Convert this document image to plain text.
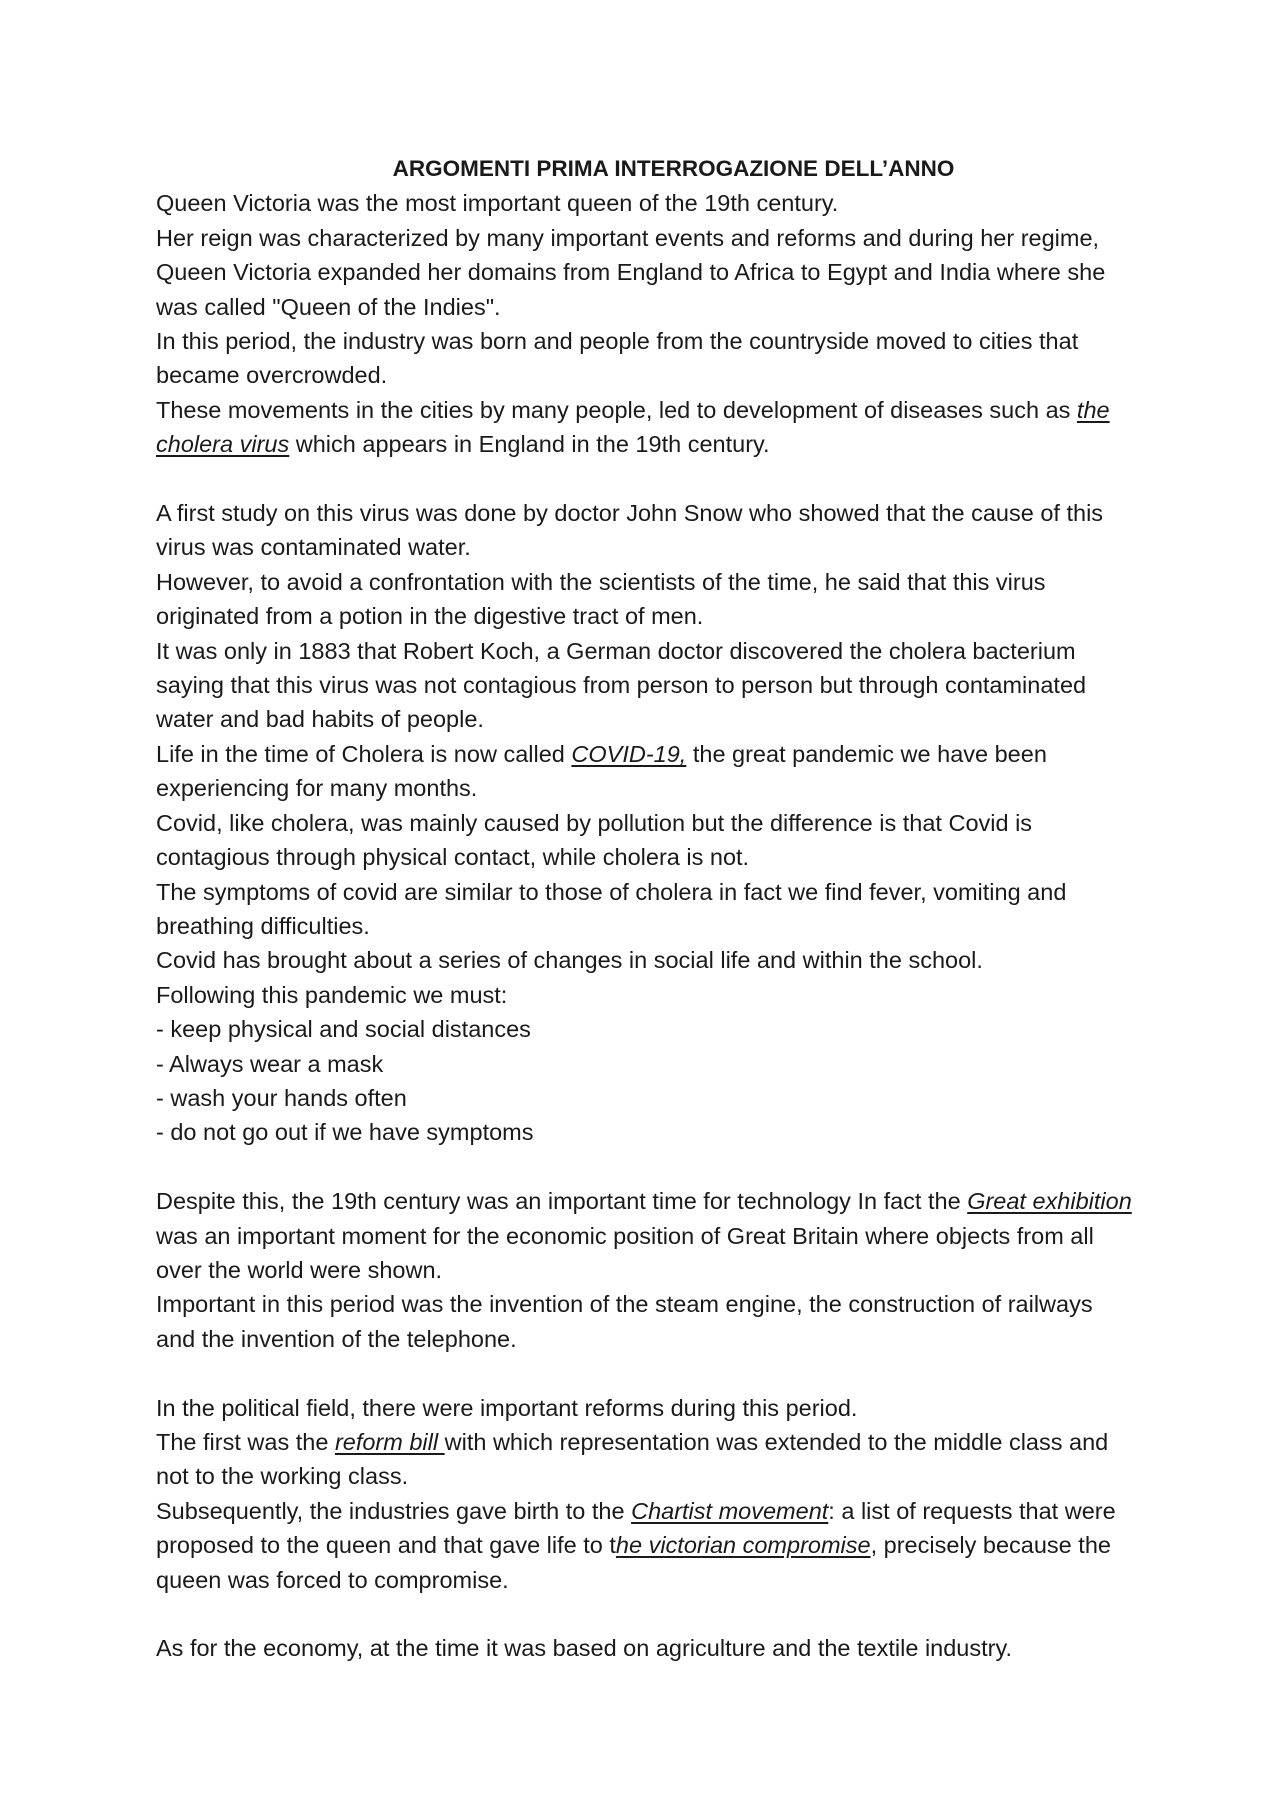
ARGOMENTI PRIMA INTERROGAZIONE DELL’ANNO

Queen Victoria was the most important queen of the 19th century.

Her reign was characterized by many important events and reforms and during her regime, Queen Victoria expanded her domains from England to Africa to Egypt and India where she was called "Queen of the Indies".

In this period, the industry was born and people from the countryside moved to cities that became overcrowded.

These movements in the cities by many people, led to development of diseases such as the cholera virus which appears in England in the 19th century.

A first study on this virus was done by doctor John Snow who showed that the cause of this virus was contaminated water.

However, to avoid a confrontation with the scientists of the time, he said that this virus originated from a potion in the digestive tract of men.

It was only in 1883 that Robert Koch, a German doctor discovered the cholera bacterium saying that this virus was not contagious from person to person but through contaminated water and bad habits of people.

Life in the time of Cholera is now called COVID-19, the great pandemic we have been experiencing for many months.

Covid, like cholera, was mainly caused by pollution but the difference is that Covid is contagious through physical contact, while cholera is not.

The symptoms of covid are similar to those of cholera in fact we find fever, vomiting and breathing difficulties.

Covid has brought about a series of changes in social life and within the school.

Following this pandemic we must:

- keep physical and social distances
- Always wear a mask
- wash your hands often
- do not go out if we have symptoms

Despite this, the 19th century was an important time for technology In fact the Great exhibition was an important moment for the economic position of Great Britain where objects from all over the world were shown.

Important in this period was the invention of the steam engine, the construction of railways and the invention of the telephone.

In the political field, there were important reforms during this period.

The first was the reform bill with which representation was extended to the middle class and not to the working class.

Subsequently, the industries gave birth to the Chartist movement: a list of requests that were proposed to the queen and that gave life to the victorian compromise, precisely because the queen was forced to compromise.

As for the economy, at the time it was based on agriculture and the textile industry.
